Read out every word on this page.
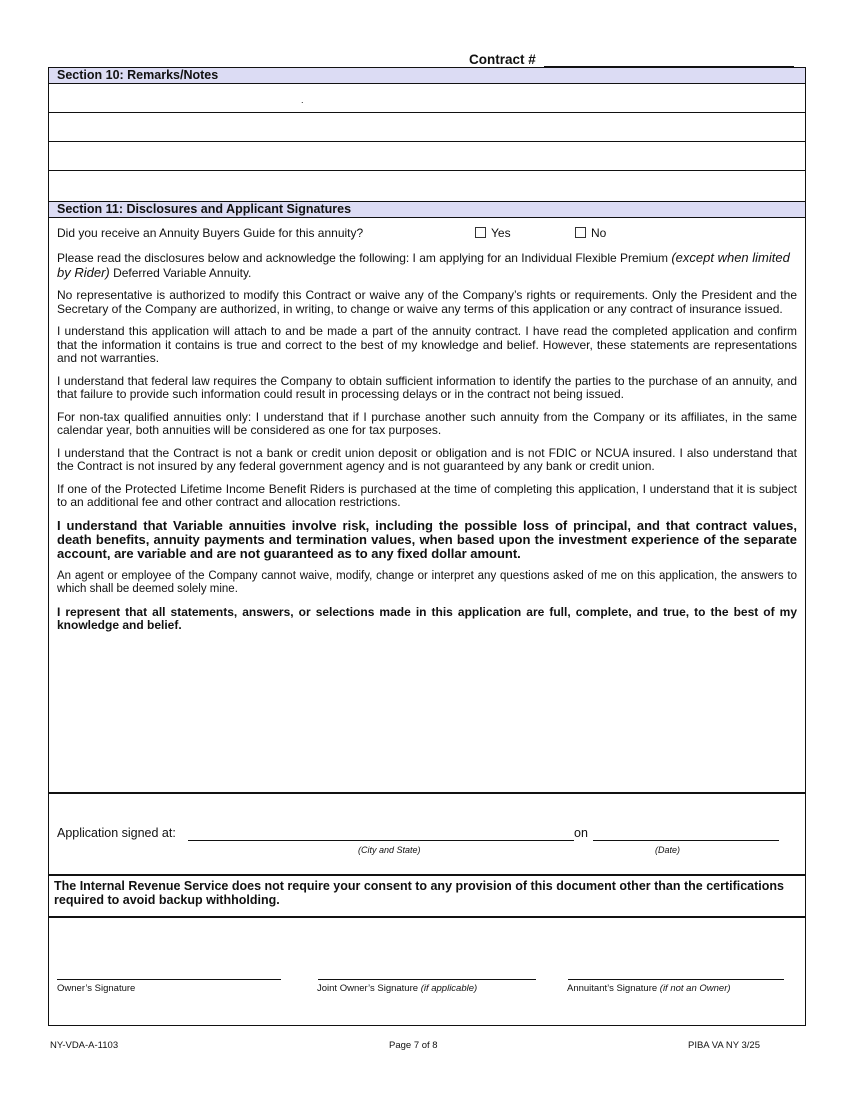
Contract #
Section 10: Remarks/Notes
.
Section 11: Disclosures and Applicant Signatures
Did you receive an Annuity Buyers Guide for this annuity?	Yes	No

Please read the disclosures below and acknowledge the following: I am applying for an Individual Flexible Premium (except when limited by Rider) Deferred Variable Annuity.

No representative is authorized to modify this Contract or waive any of the Company’s rights or requirements. Only the President and the Secretary of the Company are authorized, in writing, to change or waive any terms of this application or any contract of insurance issued.

I understand this application will attach to and be made a part of the annuity contract. I have read the completed application and confirm that the information it contains is true and correct to the best of my knowledge and belief. However, these statements are representations and not warranties.

I understand that federal law requires the Company to obtain sufficient information to identify the parties to the purchase of an annuity, and that failure to provide such information could result in processing delays or in the contract not being issued.

For non-tax qualified annuities only: I understand that if I purchase another such annuity from the Company or its affiliates, in the same calendar year, both annuities will be considered as one for tax purposes.

I understand that the Contract is not a bank or credit union deposit or obligation and is not FDIC or NCUA insured. I also understand that the Contract is not insured by any federal government agency and is not guaranteed by any bank or credit union.

If one of the Protected Lifetime Income Benefit Riders is purchased at the time of completing this application, I understand that it is subject to an additional fee and other contract and allocation restrictions.

I understand that Variable annuities involve risk, including the possible loss of principal, and that contract values, death benefits, annuity payments and termination values, when based upon the investment experience of the separate account, are variable and are not guaranteed as to any fixed dollar amount.

An agent or employee of the Company cannot waive, modify, change or interpret any questions asked of me on this application, the answers to which shall be deemed solely mine.

I represent that all statements, answers, or selections made in this application are full, complete, and true, to the best of my knowledge and belief.

Application signed at:
(City and State)
on
(Date)
The Internal Revenue Service does not require your consent to any provision of this document other than the certifications required to avoid backup withholding.
Owner’s Signature	Joint Owner’s Signature (if applicable)	Annuitant’s Signature (if not an Owner)
NY-VDA-A-1103	Page 7 of 8	PIBA VA NY 3/25
